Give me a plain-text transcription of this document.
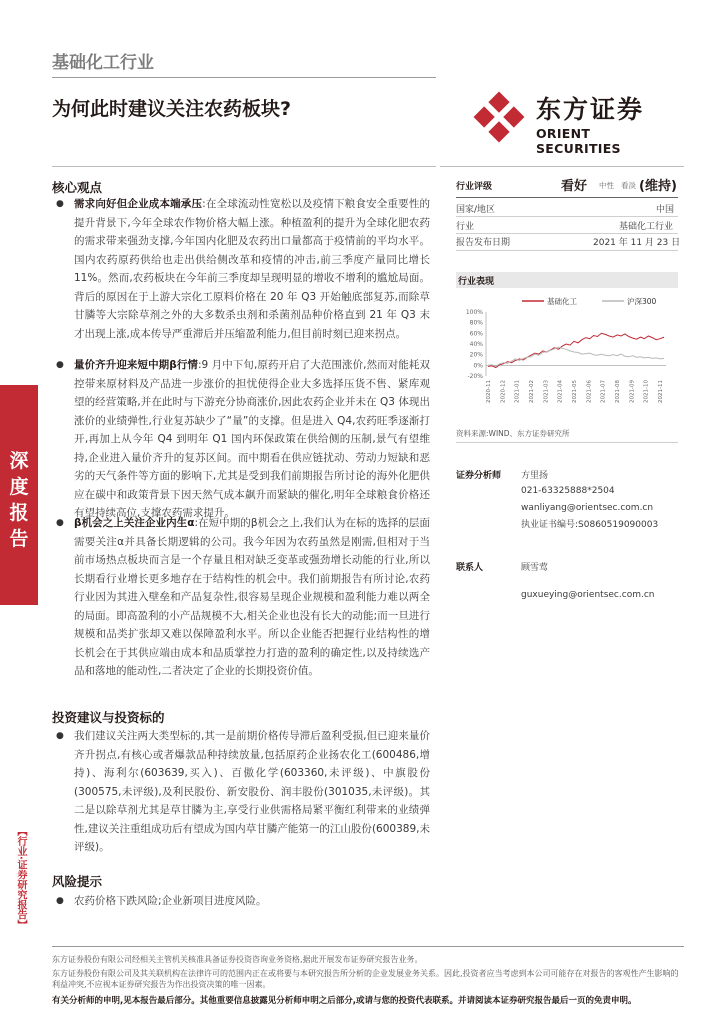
基础化工行业
为何此时建议关注农药板块?	东方证券
ORIENT SECURITIES
深度报告
【行业·证券研究报告】
核心观点
● 需求向好但企业成本端承压:在全球流动性宽松以及疫情下粮食安全重要性的提升背景下,今年全球农作物价格大幅上涨。种植盈利的提升为全球化肥农药的需求带来强劲支撑,今年国内化肥及农药出口量都高于疫情前的平均水平。国内农药原药供给也走出供给侧改革和疫情的冲击,前三季度产量同比增长 11%。然而,农药板块在今年前三季度却呈现明显的增收不增利的尴尬局面。背后的原因在于上游大宗化工原料价格在 20 年 Q3 开始触底部复苏,而除草甘膦等大宗除草剂之外的大多数杀虫剂和杀菌剂品种价格直到 21 年 Q3 末才出现上涨,成本传导严重滞后并压缩盈利能力,但目前时刻已迎来拐点。
● 量价齐升迎来短中期β行情:9 月中下旬,原药开启了大范围涨价,然而对能耗双控带来原材料及产品进一步涨价的担忧使得企业大多选择压货不售、紧库观望的经营策略,并在此时与下游充分协商涨价,因此农药企业并未在 Q3 体现出涨价的业绩弹性,行业复苏缺少了“量”的支撑。但是进入 Q4,农药旺季逐渐打开,再加上从今年 Q4 到明年 Q1 国内环保政策在供给侧的压制,景气有望维持,企业进入量价齐升的复苏区间。而中期看在供应链扰动、劳动力短缺和恶劣的天气条件等方面的影响下,尤其是受到我们前期报告所讨论的海外化肥供应在碳中和政策背景下因天然气成本飙升而紧缺的催化,明年全球粮食价格还有望持续高位,支撑农药需求提升。
● β机会之上关注企业内生α:在短中期的β机会之上,我们认为在标的选择的层面需要关注α并具备长期逻辑的公司。我今年因为农药虽然是刚需,但相对于当前市场热点板块而言是一个存量且相对缺乏变革或强劲增长动能的行业,所以长期看行业增长更多地存在于结构性的机会中。我们前期报告有所讨论,农药行业因为其进入壁垒和产品复杂性,很容易呈现企业规模和盈利能力难以两全的局面。即高盈利的小产品规模不大,相关企业也没有长大的动能;而一旦进行规模和品类扩张却又难以保障盈利水平。所以企业能否把握行业结构性的增长机会在于其供应端由成本和品质掌控力打造的盈利的确定性,以及持续选产品和落地的能动性,二者决定了企业的长期投资价值。
投资建议与投资标的
● 我们建议关注两大类型标的,其一是前期价格传导滞后盈利受损,但已迎来量价齐升拐点,有核心或者爆款品种持续放量,包括原药企业扬农化工(600486,增持)、海利尔(603639,买入)、百傲化学(603360,未评级)、中旗股份(300575,未评级),及利民股份、新安股份、润丰股份(301035,未评级)。其二是以除草剂尤其是草甘膦为主,享受行业供需格局紧平衡红利带来的业绩弹性,建议关注重组成功后有望成为国内草甘膦产能第一的江山股份(600389,未评级)。
风险提示
● 农药价格下跌风险;企业新项目进度风险。
行业评级	看好 中性 看淡 (维持)
国家/地区	中国
行业	基础化工行业
报告发布日期	2021 年 11 月 23 日
行业表现
100%
80%
60%
40%
20%
0%
-20%
2020-11 2020-12 2021-01 2021-02 2021-03 2021-04 2021-05 2021-06 2021-07 2021-08 2021-09 2021-10 2021-11
基础化工	沪深300
资料来源:WIND、东方证券研究所
证券分析师 方里扬
021-63325888*2504
wanliyang@orientsec.com.cn
执业证书编号:S0860519090003
联系人	顾雪莺
guxueying@orientsec.com.cn
东方证券股份有限公司经相关主管机关核准具备证券投资咨询业务资格,据此开展发布证券研究报告业务。
东方证券股份有限公司及其关联机构在法律许可的范围内正在或将要与本研究报告所分析的企业发展业务关系。因此,投资者应当考虑到本公司可能存在对报告的客观性产生影响的利益冲突,不应视本证券研究报告为作出投资决策的唯一因素。
有关分析师的申明,见本报告最后部分。其他重要信息披露见分析师申明之后部分,或请与您的投资代表联系。并请阅读本证券研究报告最后一页的免责申明。
